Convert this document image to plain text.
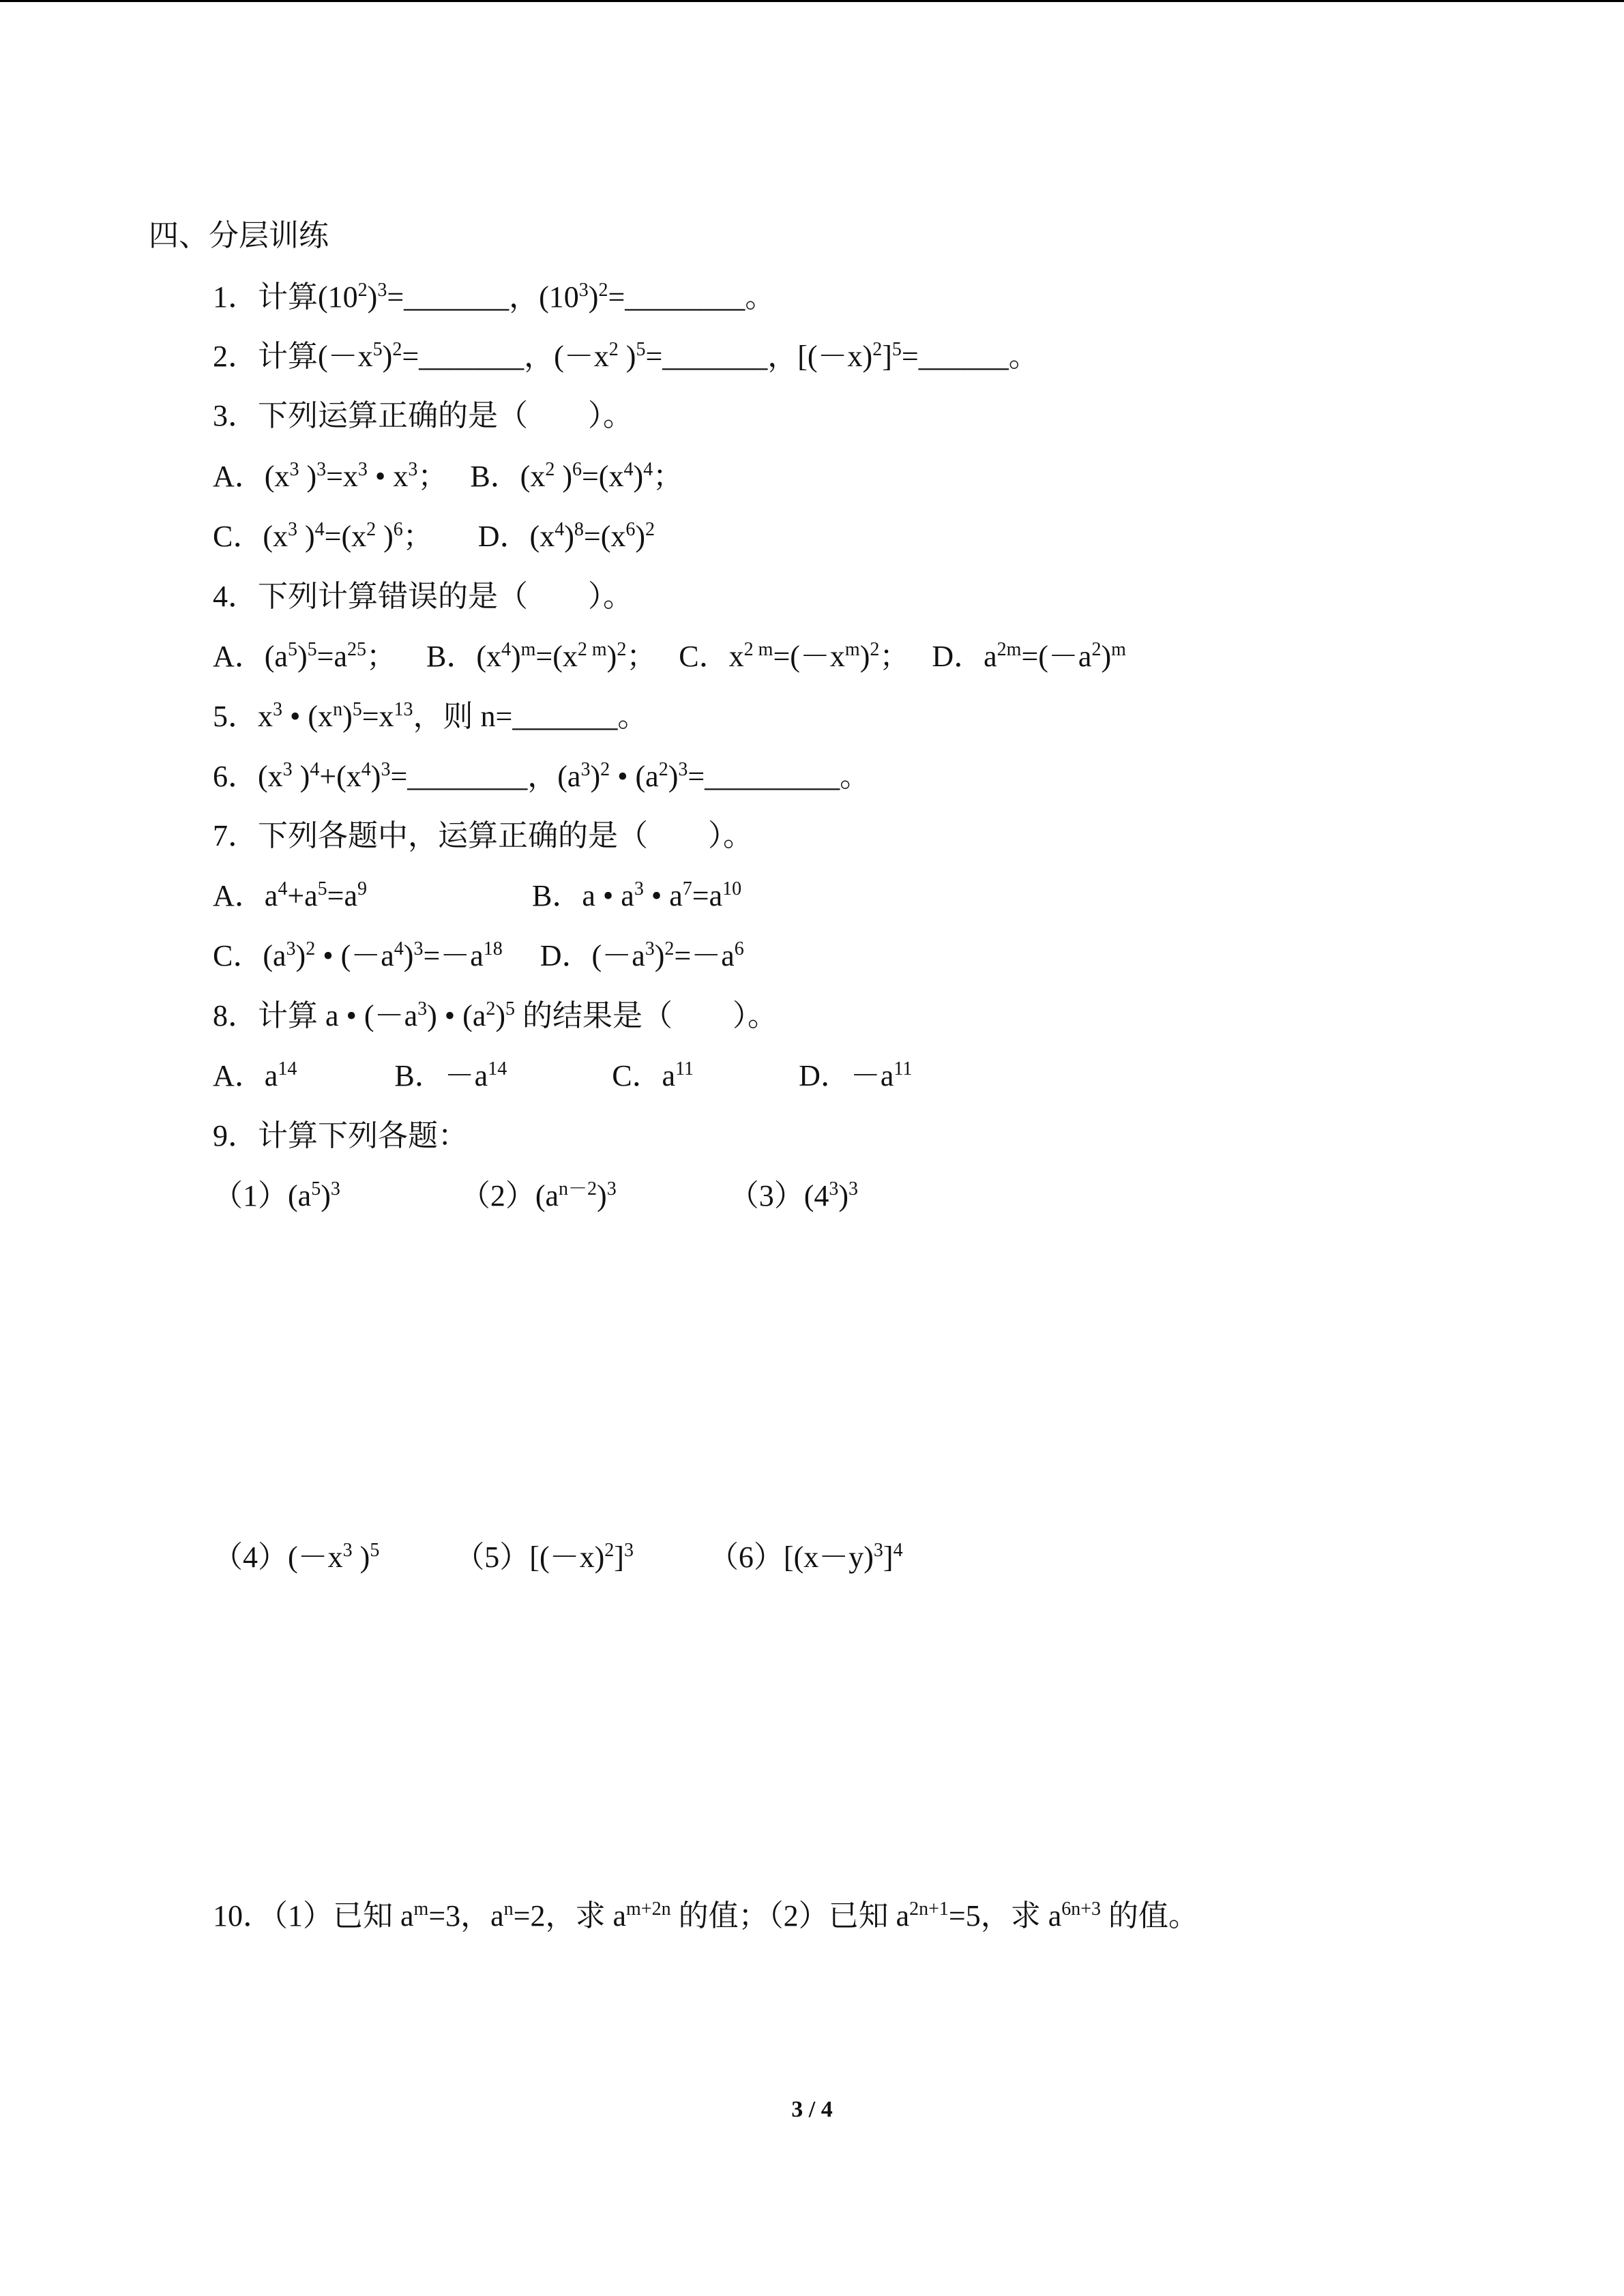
四、分层训练
1．计算$(10^2)^3=\_\_\_\_\_\_\_$，$(10^3)^2=\_\_\_\_\_\_\_\_$。
2．计算$(-x^5)^2=\_\_\_\_\_\_\_$，($-x^2$ )$^5$=_______，$[(-x)^2]^5=\_\_\_\_\_\_$。
3．下列运算正确的是（　　）。
A．($x^3$ )$^3=x^3$ • $x^3$；　 B．($x^2$ )$^6=(x^4)^4$；
C．($x^3$ )$^4=(x^2$ )$^6$；　　D．$(x^4)^8=(x^6)^2$
4．下列计算错误的是（　　）。
A．$(a^5)^5=a^{25}$；　  B．$(x^4)^m=(x^{2 m})^2$；　 C．$x^{2 m}=(-x^m)^2$；　 D．$a^{2m}=(-a^2)^m$
5．$x^3$ • $(x^n)^5=x^{13}$，则 n=_______。
6．($x^3$ )$^4+(x^4)^3=\_\_\_\_\_\_\_\_$，$(a^3)^2$ • $(a^2)^3=\_\_\_\_\_\_\_\_\_$。
7．下列各题中，运算正确的是（　　）。
A．$a^4+a^5=a^9$                      B．a • $a^3$ • $a^7=a^{10}$
C．$(a^3)^2$ • $(-a^4)^3=-a^{18}$　 D．$(-a^3)^2=-a^6$
8．计算 a • $(-a^3)$ • $(a^2)^5$ 的结果是（　　）。
A．$a^{14}$             B．$-a^{14}$              C．$a^{11}$              D．$-a^{11}$
9．计算下列各题：
$(1)(a^5)^3$                $(2)(a^{n-2})^3$               $(3)(4^3)^3$
$(4)(-x^3$ )$^5$          $(5)[(-x)^2]^3$          $(6)[(x-y)^3]^4$
10．（1）已知 $a^m=3$，$a^n=2$，求 $a^{m+2n}$ 的值；（2）已知 $a^{2n+1}=5$，求 $a^{6n+3}$ 的值。
3 / 4
